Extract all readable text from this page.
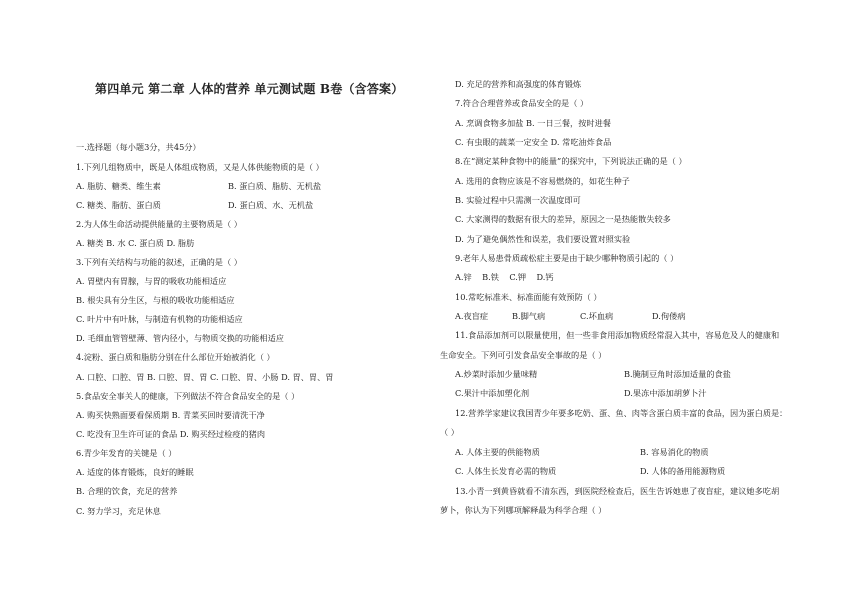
第四单元 第二章 人体的营养 单元测试题 B卷（含答案）
一.选择题（每小题3分，共45分）
1.下列几组物质中，既是人体组成物质，又是人体供能物质的是（ ）
A. 脂肪、糖类、维生素	B. 蛋白质、脂肪、无机盐
C. 糖类、脂肪、蛋白质	D. 蛋白质、水、无机盐
2.为人体生命活动提供能量的主要物质是（ ）
A. 糖类 B. 水 C. 蛋白质 D. 脂肪
3.下列有关结构与功能的叙述，正确的是（ ）
A. 胃壁内有胃腺，与胃的吸收功能相适应
B. 根尖具有分生区，与根的吸收功能相适应
C. 叶片中有叶脉，与制造有机物的功能相适应
D. 毛细血管管壁薄、管内径小，与物质交换的功能相适应
4.淀粉、蛋白质和脂肪分别在什么部位开始被消化（ ）
A. 口腔、口腔、胃 B. 口腔、胃、胃 C. 口腔、胃、小肠 D. 胃、胃、胃
5.食品安全事关人的健康，下列做法不符合食品安全的是（ ）
A. 购买快熟面要看保质期 B. 青菜买回时要清洗干净
C. 吃没有卫生许可证的食品 D. 购买经过检疫的猪肉
6.青少年发育的关键是（ ）
A. 适度的体育锻炼，良好的睡眠
B. 合理的饮食，充足的营养
C. 努力学习，充足休息
D. 充足的营养和高强度的体育锻炼
7.符合合理营养或食品安全的是（ ）
A. 烹调食物多加盐 B. 一日三餐，按时进餐
C. 有虫眼的蔬菜一定安全 D. 常吃油炸食品
8.在“测定某种食物中的能量”的探究中，下列说法正确的是（ ）
A. 选用的食物应该是不容易燃烧的，如花生种子
B. 实验过程中只需测一次温度即可
C. 大家测得的数据有很大的差异，原因之一是热能散失较多
D. 为了避免偶然性和误差，我们要设置对照实验
9.老年人易患骨质疏松症主要是由于缺少哪种物质引起的（ ）
A.锌    B.铁    C.钾    D.钙
10.常吃标准米、标准面能有效预防（ ）
A.夜盲症	B.脚气病	C.坏血病	D.佝偻病
11.食品添加剂可以限量使用，但一些非食用添加物质经常混入其中，容易危及人的健康和
生命安全。下列可引发食品安全事故的是（ ）
A.炒菜时添加少量味精	B.腌制豆角时添加适量的食盐
C.果汁中添加塑化剂	D.果冻中添加胡萝卜汁
12.营养学家建议我国青少年要多吃奶、蛋、鱼、肉等含蛋白质丰富的食品，因为蛋白质是：
（ ）
A. 人体主要的供能物质	B. 容易消化的物质
C. 人体生长发育必需的物质	D. 人体的备用能源物质
13.小青一到黄昏就看不清东西，到医院经检查后，医生告诉她患了夜盲症，建议她多吃胡
萝卜，你认为下列哪项解释最为科学合理（ ）
